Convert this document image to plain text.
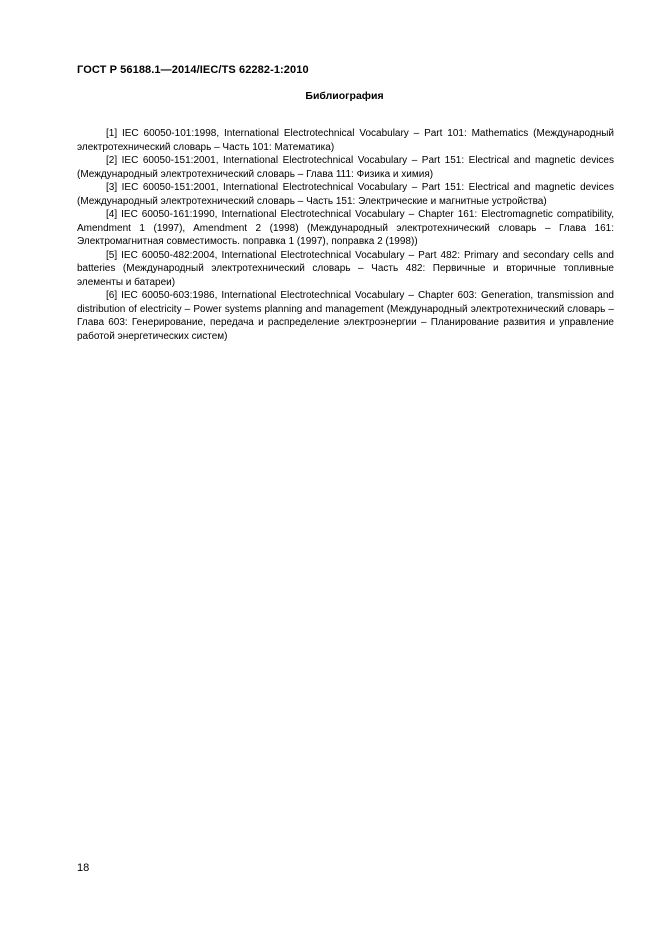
ГОСТ Р 56188.1—2014/IEC/TS 62282-1:2010
Библиография

[1] IEC 60050-101:1998, International Electrotechnical Vocabulary – Part 101: Mathematics (Международный электротехнический словарь – Часть 101: Математика)

[2] IEC 60050-151:2001, International Electrotechnical Vocabulary – Part 151: Electrical and magnetic devices (Международный электротехнический словарь – Глава 111: Физика и химия)

[3] IEC 60050-151:2001, International Electrotechnical Vocabulary – Part 151: Electrical and magnetic devices (Международный электротехнический словарь – Часть 151: Электрические и магнитные устройства)

[4] IEC 60050-161:1990, International Electrotechnical Vocabulary – Chapter 161: Electromagnetic compatibility, Amendment 1 (1997), Amendment 2 (1998) (Международный электротехнический словарь – Глава 161: Электромагнитная совместимость. поправка 1 (1997), поправка 2 (1998))

[5] IEC 60050-482:2004, International Electrotechnical Vocabulary – Part 482: Primary and secondary cells and batteries (Международный электротехнический словарь – Часть 482: Первичные и вторичные топливные элементы и батареи)

[6] IEC 60050-603:1986, International Electrotechnical Vocabulary – Chapter 603: Generation, transmission and distribution of electricity – Power systems planning and management (Международный электротехнический словарь – Глава 603: Генерирование, передача и распределение электроэнергии – Планирование развития и управление работой энергетических систем)

18
